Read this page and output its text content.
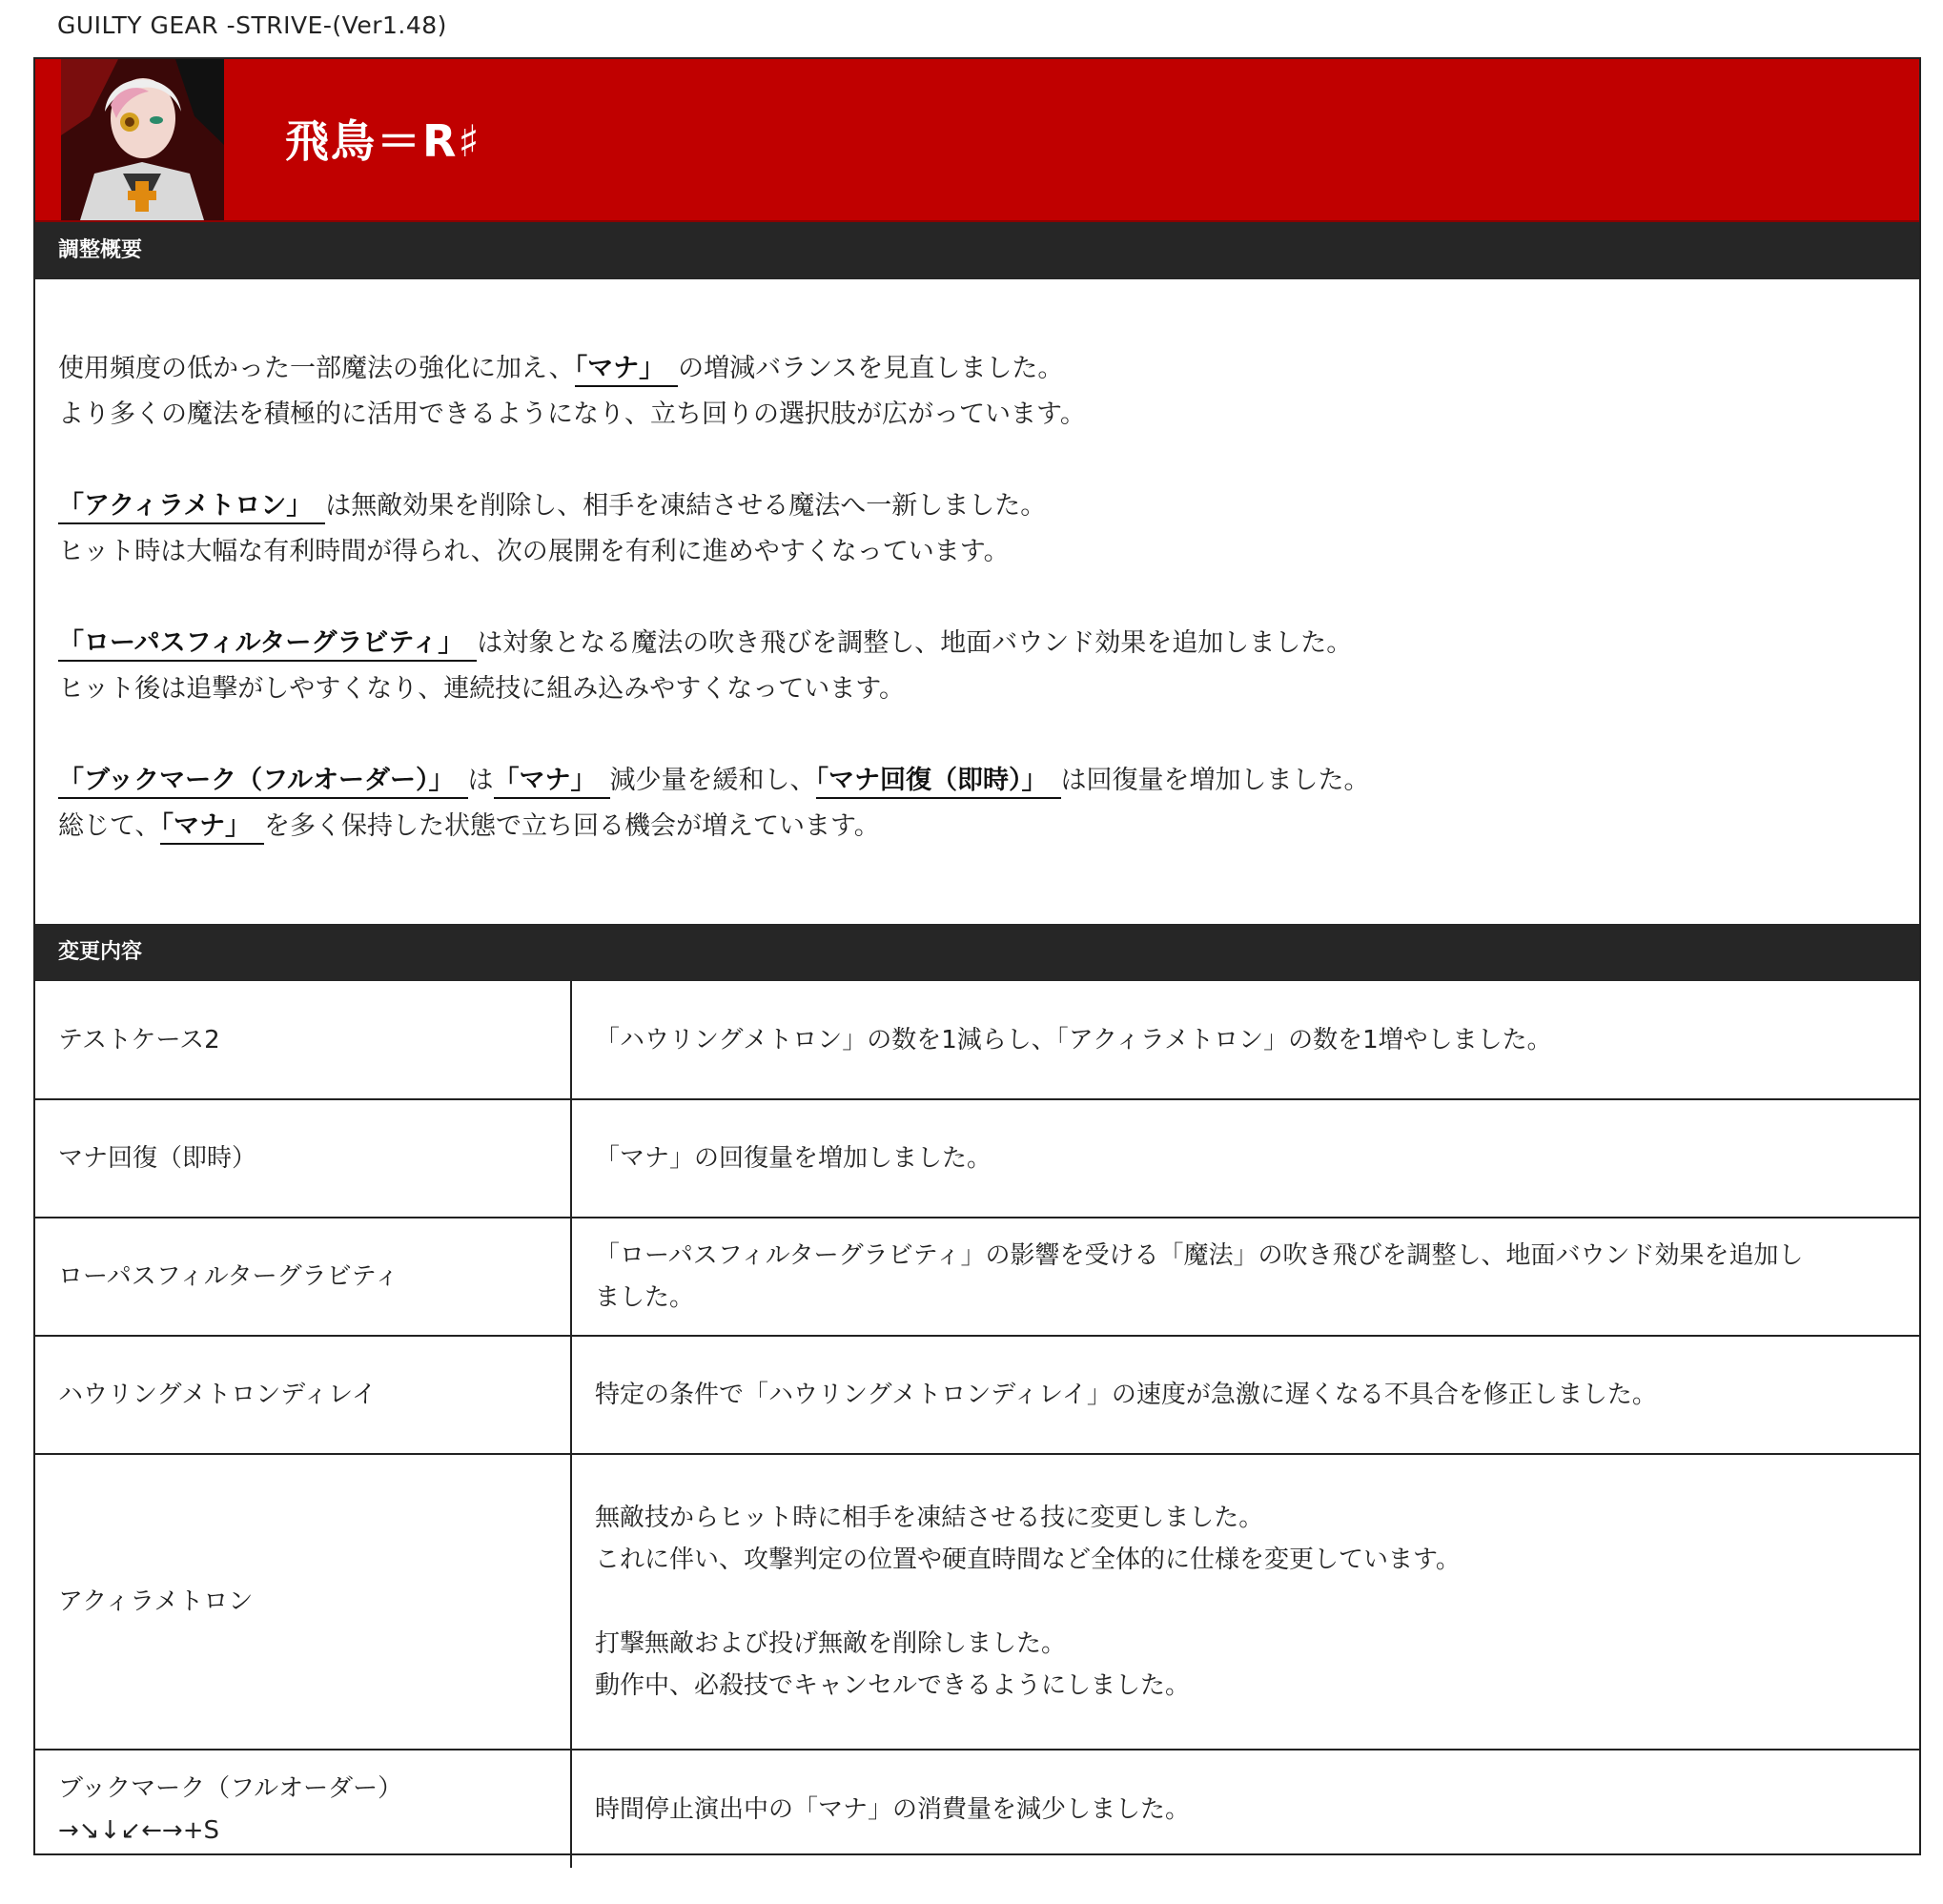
GUILTY GEAR -STRIVE-(Ver1.48)
飛鳥＝R♯
調整概要

使用頻度の低かった一部魔法の強化に加え、「マナ」 の増減バランスを見直しました。
より多くの魔法を積極的に活用できるようになり、立ち回りの選択肢が広がっています。

「アクィラメトロン」 は無敵効果を削除し、相手を凍結させる魔法へ一新しました。
ヒット時は大幅な有利時間が得られ、次の展開を有利に進めやすくなっています。

「ローパスフィルターグラビティ」 は対象となる魔法の吹き飛びを調整し、地面バウンド効果を追加しました。
ヒット後は追撃がしやすくなり、連続技に組み込みやすくなっています。

「ブックマーク（フルオーダー）」 は「マナ」 減少量を緩和し、「マナ回復（即時）」 は回復量を増加しました。
総じて、「マナ」 を多く保持した状態で立ち回る機会が増えています。

変更内容
テストケース2	「ハウリングメトロン」の数を1減らし、「アクィラメトロン」の数を1増やしました。
マナ回復（即時）	「マナ」の回復量を増加しました。
ローパスフィルターグラビティ	「ローパスフィルターグラビティ」の影響を受ける「魔法」の吹き飛びを調整し、地面バウンド効果を追加し
ました。

ハウリングメトロンディレイ	特定の条件で「ハウリングメトロンディレイ」の速度が急激に遅くなる不具合を修正しました。
アクィラメトロン	無敵技からヒット時に相手を凍結させる技に変更しました。
これに伴い、攻撃判定の位置や硬直時間など全体的に仕様を変更しています。
打撃無敵および投げ無敵を削除しました。
動作中、必殺技でキャンセルできるようにしました。

ブックマーク（フルオーダー）
→↘↓↙←→+S	時間停止演出中の「マナ」の消費量を減少しました。
